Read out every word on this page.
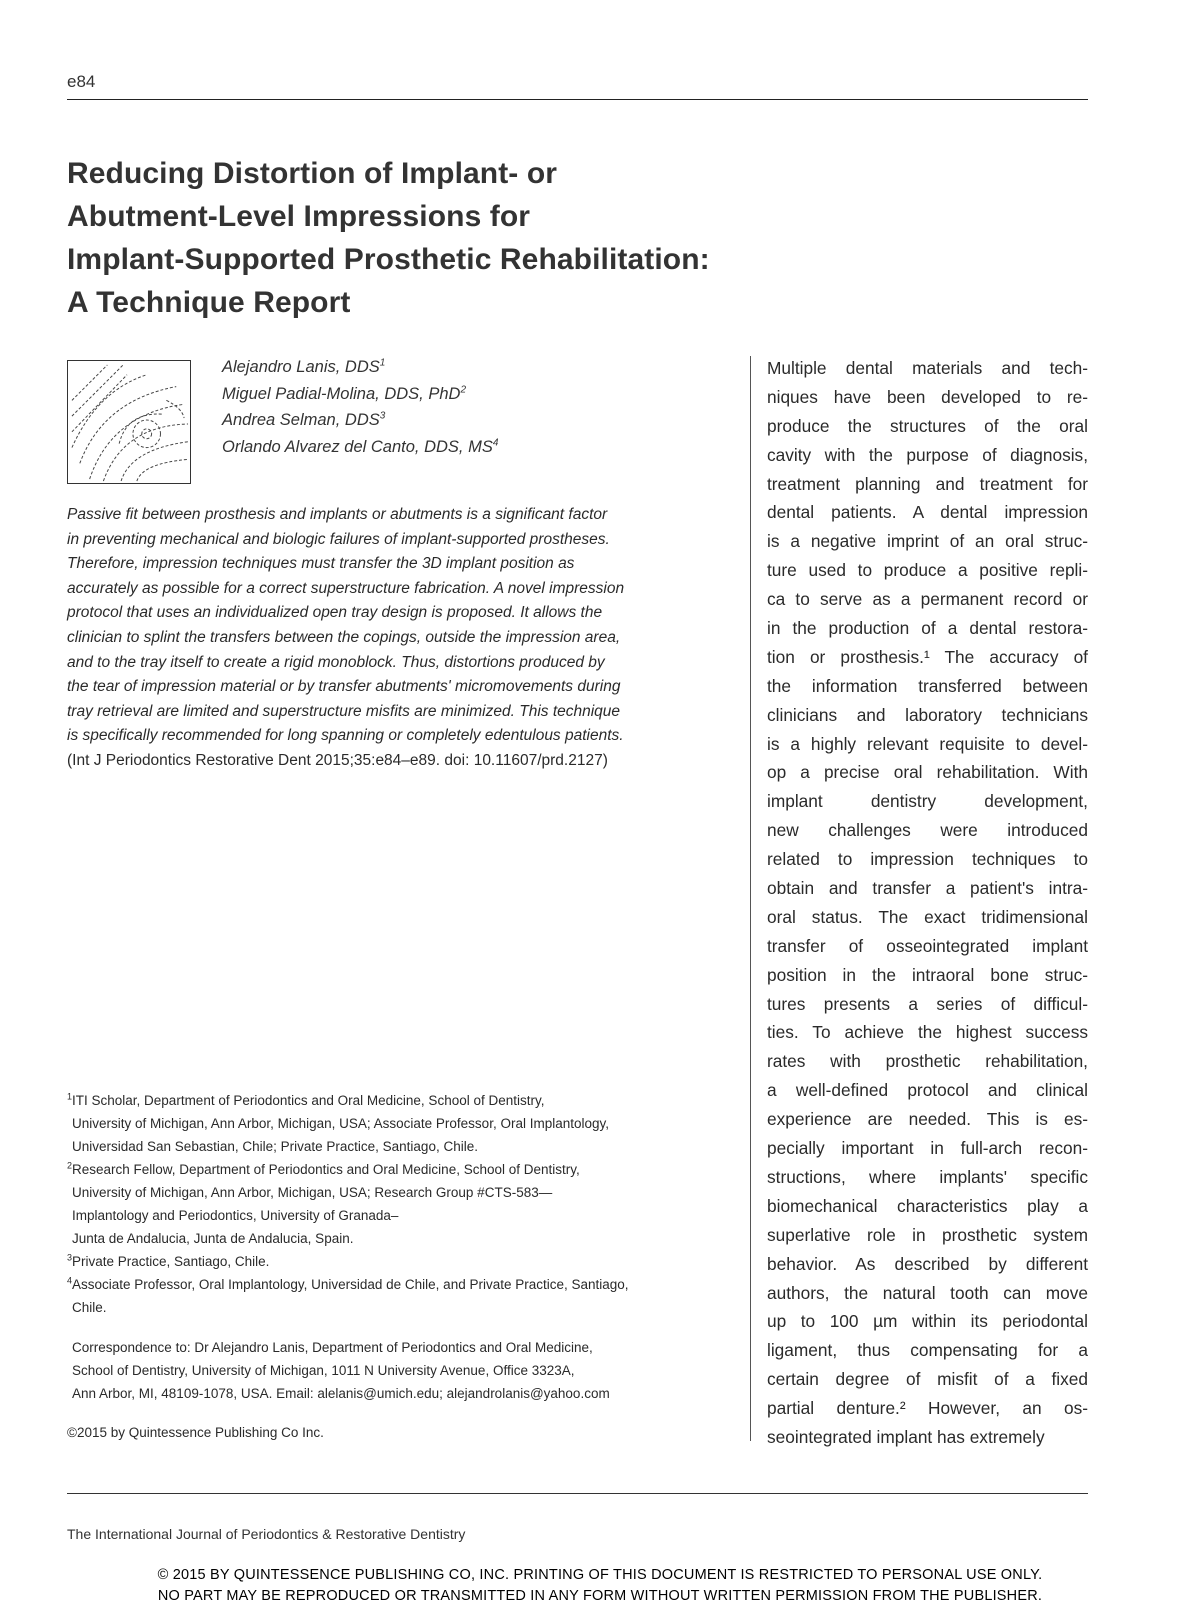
e84
Reducing Distortion of Implant- or
Abutment-Level Impressions for
Implant-Supported Prosthetic Rehabilitation:
A Technique Report
Alejandro Lanis, DDS$^1$
Miguel Padial-Molina, DDS, PhD$^2$
Andrea Selman, DDS$^3$
Orlando Alvarez del Canto, DDS, $MS^4$
Passive fit between prosthesis and implants or abutments is a significant factor
in preventing mechanical and biologic failures of implant-supported prostheses.
Therefore, impression techniques must transfer the 3D implant position as
accurately as possible for a correct superstructure fabrication. A novel impression
protocol that uses an individualized open tray design is proposed. It allows the
clinician to splint the transfers between the copings, outside the impression area,
and to the tray itself to create a rigid monoblock. Thus, distortions produced by
the tear of impression material or by transfer abutments' micromovements during
tray retrieval are limited and superstructure misfits are minimized. This technique
is specifically recommended for long spanning or completely edentulous patients.
(Int J Periodontics Restorative Dent 2015;35:e84–e89. doi: 10.11607/prd.2127)
$^1$ITI Scholar, Department of Periodontics and Oral Medicine, School of Dentistry,
University of Michigan, Ann Arbor, Michigan, USA; Associate Professor, Oral Implantology,
Universidad San Sebastian, Chile; Private Practice, Santiago, Chile.
$^2$Research Fellow, Department of Periodontics and Oral Medicine, School of Dentistry,
University of Michigan, Ann Arbor, Michigan, USA; Research Group #CTS-583—
Implantology and Periodontics, University of Granada–
Junta de Andalucia, Junta de Andalucia, Spain.
$^3$Private Practice, Santiago, Chile.
$^4$Associate Professor, Oral Implantology, Universidad de Chile, and Private Practice, Santiago,
Chile.
Correspondence to: Dr Alejandro Lanis, Department of Periodontics and Oral Medicine,
School of Dentistry, University of Michigan, 1011 N University Avenue, Office 3323A,
Ann Arbor, MI, 48109-1078, USA. Email: alelanis@umich.edu; alejandrolanis@yahoo.com
©2015 by Quintessence Publishing Co Inc.
Multiple dental materials and tech-
niques have been developed to re-
produce the structures of the oral
cavity with the purpose of diagnosis,
treatment planning and treatment for
dental patients. A dental impression
is a negative imprint of an oral struc-
ture used to produce a positive repli-
ca to serve as a permanent record or
in the production of a dental restora-
tion or prosthesis.¹ The accuracy of
the information transferred between
clinicians and laboratory technicians
is a highly relevant requisite to devel-
op a precise oral rehabilitation. With
implant dentistry development,
new challenges were introduced
related to impression techniques to
obtain and transfer a patient's intra-
oral status. The exact tridimensional
transfer of osseointegrated implant
position in the intraoral bone struc-
tures presents a series of difficul-
ties. To achieve the highest success
rates with prosthetic rehabilitation,
a well-defined protocol and clinical
experience are needed. This is es-
pecially important in full-arch recon-
structions, where implants' specific
biomechanical characteristics play a
superlative role in prosthetic system
behavior. As described by different
authors, the natural tooth can move
up to 100 µm within its periodontal
ligament, thus compensating for a
certain degree of misfit of a fixed
partial denture.² However, an os-
seointegrated implant has extremely
The International Journal of Periodontics & Restorative Dentistry
© 2015 BY QUINTESSENCE PUBLISHING CO, INC. PRINTING OF THIS DOCUMENT IS RESTRICTED TO PERSONAL USE ONLY.
NO PART MAY BE REPRODUCED OR TRANSMITTED IN ANY FORM WITHOUT WRITTEN PERMISSION FROM THE PUBLISHER.
